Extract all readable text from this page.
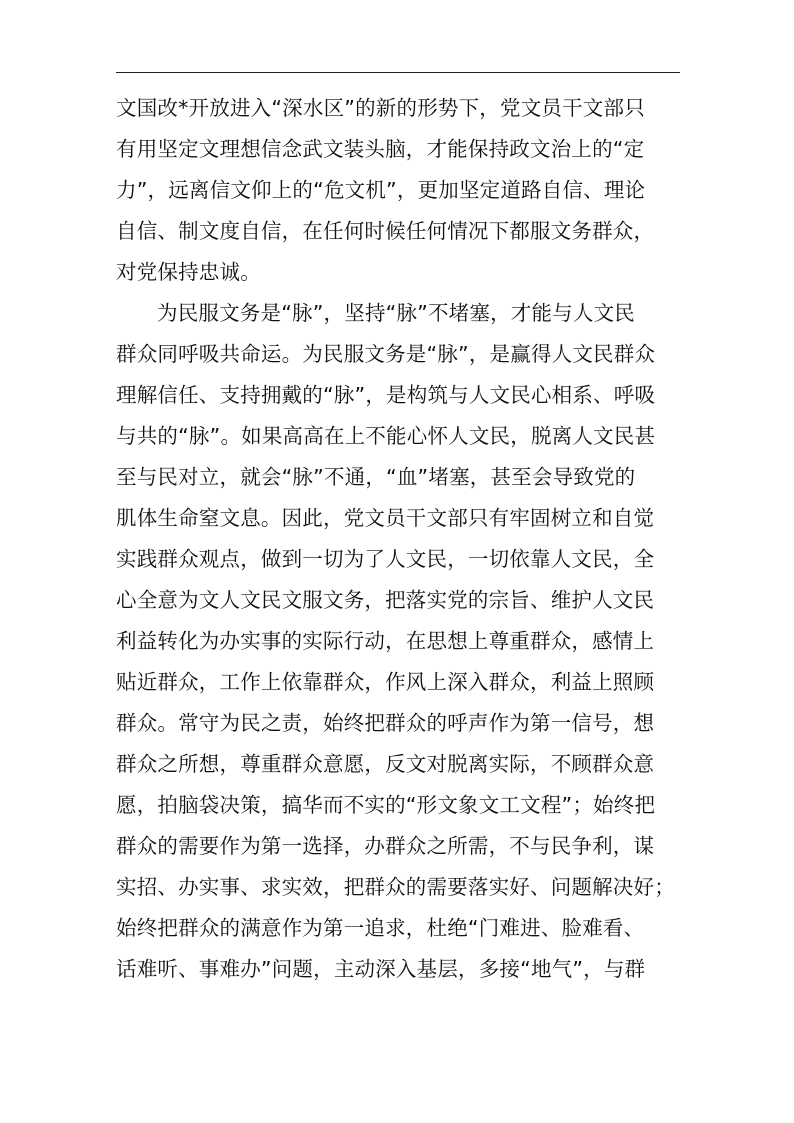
文国改*开放进入“深水区”的新的形势下，党文员干文部只
有用坚定文理想信念武文装头脑，才能保持政文治上的“定
力”，远离信文仰上的“危文机”，更加坚定道路自信、理论
自信、制文度自信，在任何时候任何情况下都服文务群众，
对党保持忠诚。
为民服文务是“脉”，坚持“脉”不堵塞，才能与人文民
群众同呼吸共命运。为民服文务是“脉”，是赢得人文民群众
理解信任、支持拥戴的“脉”，是构筑与人文民心相系、呼吸
与共的“脉”。如果高高在上不能心怀人文民，脱离人文民甚
至与民对立，就会“脉”不通，“血”堵塞，甚至会导致党的
肌体生命窒文息。因此，党文员干文部只有牢固树立和自觉
实践群众观点，做到一切为了人文民，一切依靠人文民，全
心全意为文人文民文服文务，把落实党的宗旨、维护人文民
利益转化为办实事的实际行动，在思想上尊重群众，感情上
贴近群众，工作上依靠群众，作风上深入群众，利益上照顾
群众。常守为民之责，始终把群众的呼声作为第一信号，想
群众之所想，尊重群众意愿，反文对脱离实际，不顾群众意
愿，拍脑袋决策，搞华而不实的“形文象文工文程”；始终把
群众的需要作为第一选择，办群众之所需，不与民争利，谋
实招、办实事、求实效，把群众的需要落实好、问题解决好；
始终把群众的满意作为第一追求，杜绝“门难进、脸难看、
话难听、事难办”问题，主动深入基层，多接“地气”，与群
